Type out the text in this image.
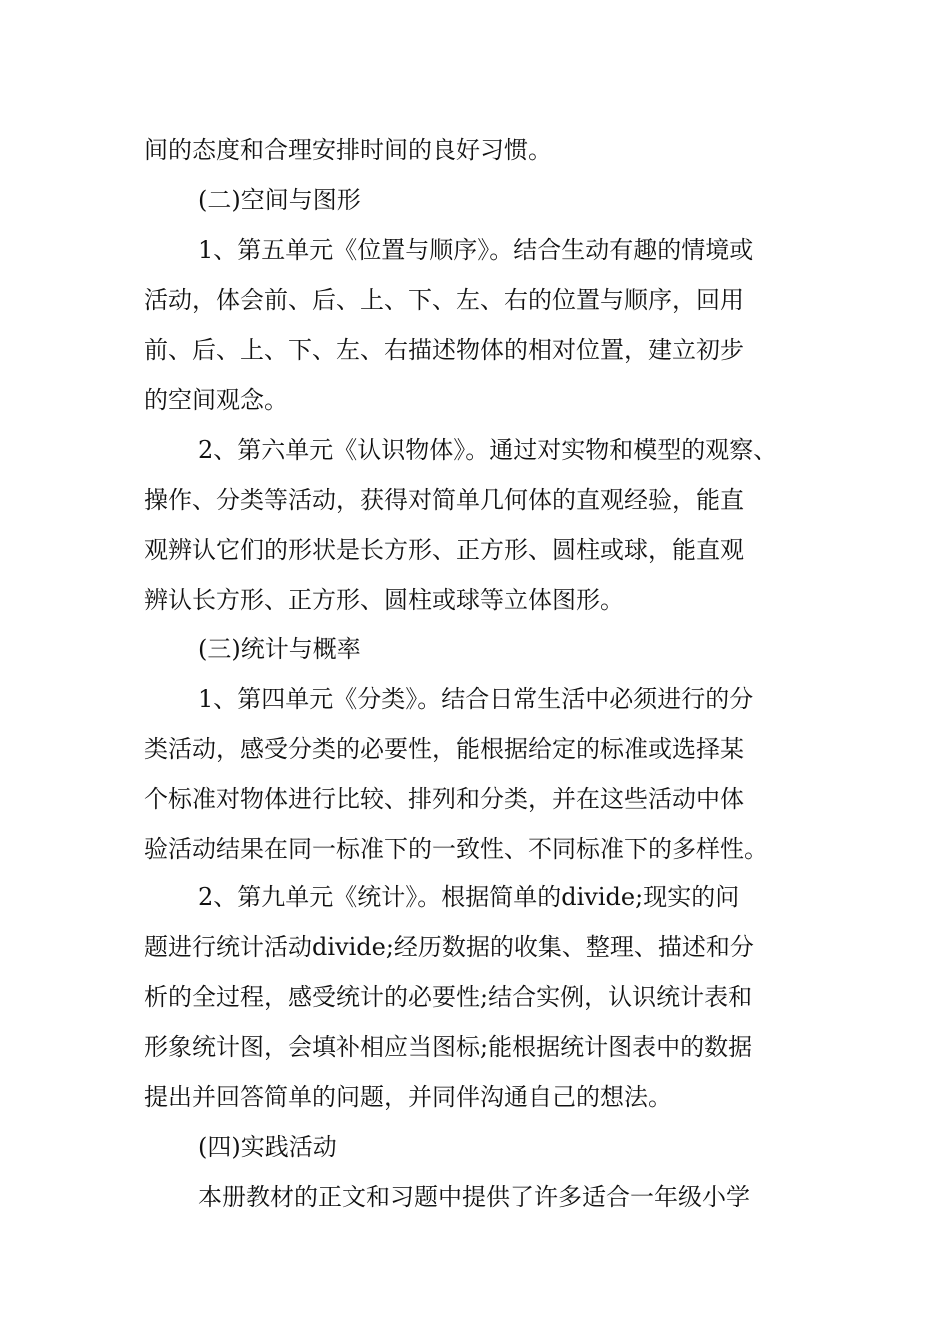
间的态度和合理安排时间的良好习惯。
(二)空间与图形
1、第五单元《位置与顺序》。结合生动有趣的情境或
活动，体会前、后、上、下、左、右的位置与顺序，回用
前、后、上、下、左、右描述物体的相对位置，建立初步
的空间观念。
2、第六单元《认识物体》。通过对实物和模型的观察、
操作、分类等活动，获得对简单几何体的直观经验，能直
观辨认它们的形状是长方形、正方形、圆柱或球，能直观
辨认长方形、正方形、圆柱或球等立体图形。
(三)统计与概率
1、第四单元《分类》。结合日常生活中必须进行的分
类活动，感受分类的必要性，能根据给定的标准或选择某
个标准对物体进行比较、排列和分类，并在这些活动中体
验活动结果在同一标准下的一致性、不同标准下的多样性。
2、第九单元《统计》。根据简单的divide;现实的问
题进行统计活动divide;经历数据的收集、整理、描述和分
析的全过程，感受统计的必要性;结合实例，认识统计表和
形象统计图，会填补相应当图标;能根据统计图表中的数据
提出并回答简单的问题，并同伴沟通自己的想法。
(四)实践活动
本册教材的正文和习题中提供了许多适合一年级小学
